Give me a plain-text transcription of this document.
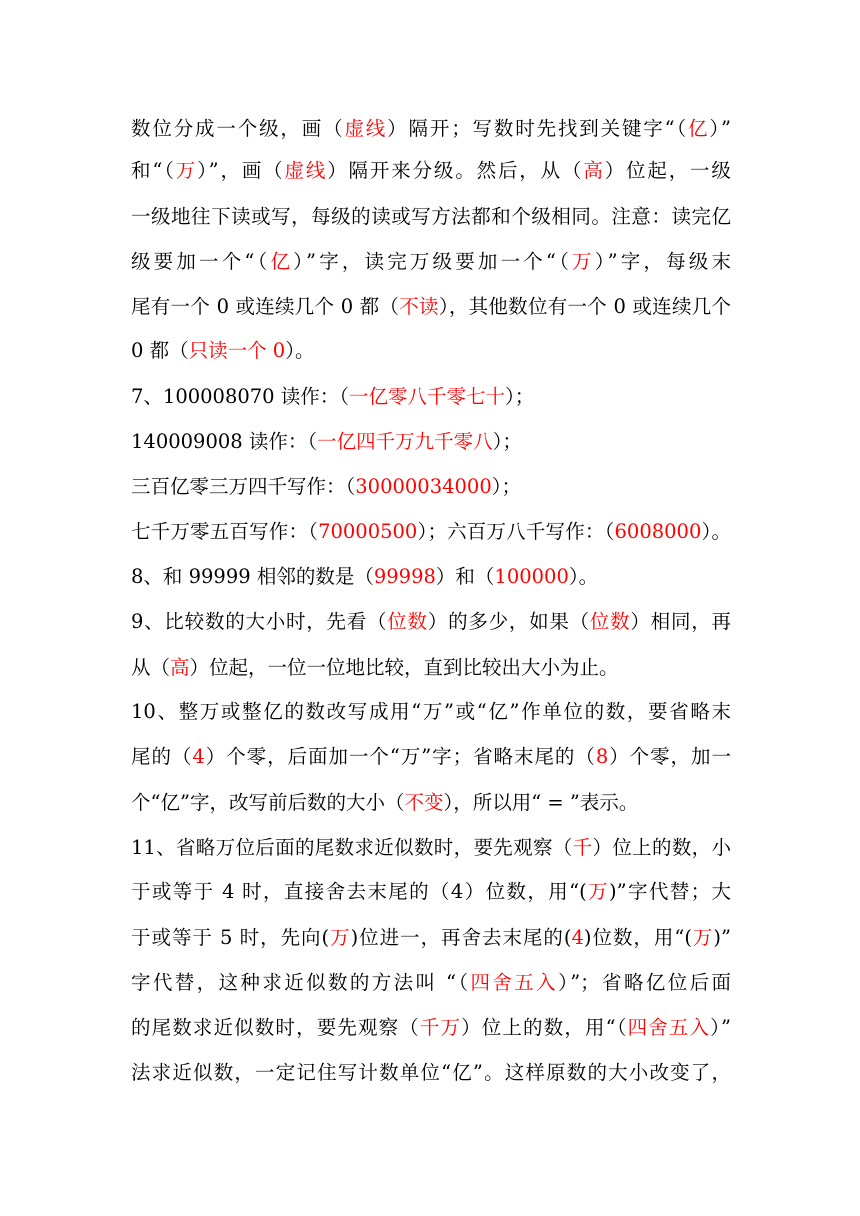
数位分成一个级，画（虚线）隔开；写数时先找到关键字“（亿）”
和“（万）”，画（虚线）隔开来分级。然后，从（高）位起，一级
一级地往下读或写，每级的读或写方法都和个级相同。注意：读完亿
级要加一个“（亿）”字，读完万级要加一个“（万）”字，每级末
尾有一个 0 或连续几个 0 都（不读），其他数位有一个 0 或连续几个
0 都（只读一个 0）。
7、100008070 读作：（一亿零八千零七十）；
140009008 读作：（一亿四千万九千零八）；
三百亿零三万四千写作：（30000034000）；
七千万零五百写作：（70000500）；六百万八千写作：（6008000）。
8、和 99999 相邻的数是（99998）和（100000）。
9、比较数的大小时，先看（位数）的多少，如果（位数）相同，再
从（高）位起，一位一位地比较，直到比较出大小为止。
10、整万或整亿的数改写成用“万”或“亿”作单位的数，要省略末
尾的（4）个零，后面加一个“万”字；省略末尾的（8）个零，加一
个“亿”字，改写前后数的大小（不变），所以用“ = ”表示。
11、省略万位后面的尾数求近似数时，要先观察（千）位上的数，小
于或等于 4 时，直接舍去末尾的（4）位数，用“(万)”字代替；大
于或等于 5 时，先向(万)位进一，再舍去末尾的(4)位数，用“(万)”
字代替，这种求近似数的方法叫 “（四舍五入）”；省略亿位后面
的尾数求近似数时，要先观察（千万）位上的数，用“（四舍五入）”
法求近似数，一定记住写计数单位“亿”。这样原数的大小改变了，
